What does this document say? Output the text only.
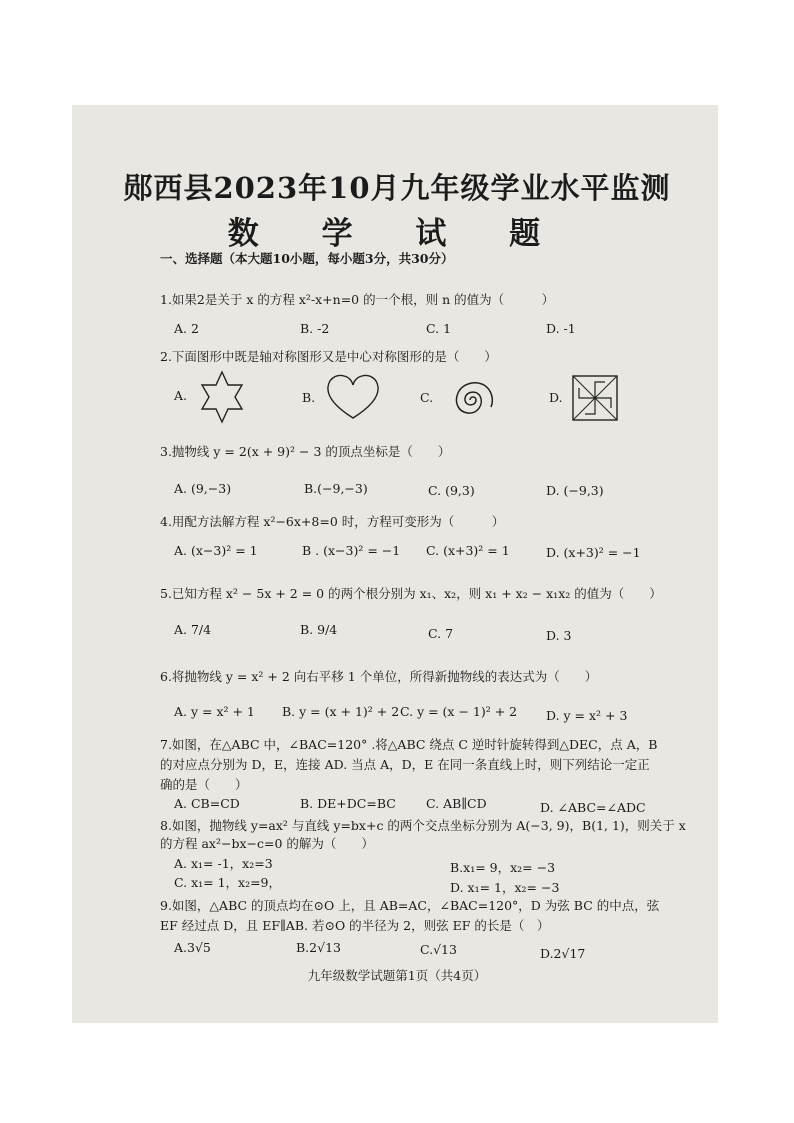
郧西县2023年10月九年级学业水平监测
数 学 试 题
一、选择题（本大题10小题，每小题3分，共30分）
1.如果2是关于 x 的方程 x²-x+n=0 的一个根，则 n 的值为（　　　）
A. 2	B. -2	C. 1	D. -1
2.下面图形中既是轴对称图形又是中心对称图形的是（　　）
A.	B.	C.	D.
3.抛物线 y = 2(x + 9)² − 3 的顶点坐标是（　　）
A. (9,−3)	B.(−9,−3)	C. (9,3)	D. (−9,3)
4.用配方法解方程 x²−6x+8=0 时，方程可变形为（　　　）
A. (x−3)² = 1	B . (x−3)² = −1 C. (x+3)² = 1	D. (x+3)² = −1
5.已知方程 x² − 5x + 2 = 0 的两个根分别为 x₁、x₂，则 x₁ + x₂ − x₁x₂ 的值为（　　）
A. 7/4	B. 9/4	C. 7	D. 3
6.将抛物线 y = x² + 2 向右平移 1 个单位，所得新抛物线的表达式为（　　）
A. y = x² + 1 B. y = (x + 1)² + 2 C. y = (x − 1)² + 2 D. y = x² + 3
7.如图，在△ABC 中，∠BAC=120° .将△ABC 绕点 C 逆时针旋转得到△DEC，点 A，B
的对应点分别为 D，E，连接 AD. 当点 A，D，E 在同一条直线上时，则下列结论一定正
确的是（　　）
A. CB=CD	B. DE+DC=BC C. AB∥CD	D. ∠ABC=∠ADC
8.如图，抛物线 y=ax² 与直线 y=bx+c 的两个交点坐标分别为 A(−3, 9)，B(1, 1)，则关于 x
的方程 ax²−bx−c=0 的解为（　　）
A. x₁= -1，x₂=3	B.x₁= 9，x₂= −3
C. x₁= 1，x₂=9，	D. x₁= 1，x₂= −3
9.如图，△ABC 的顶点均在⊙O 上，且 AB=AC，∠BAC=120°，D 为弦 BC 的中点，弦
EF 经过点 D，且 EF∥AB. 若⊙O 的半径为 2，则弦 EF 的长是（　）
A.3√5	B.2√13	C.√13	D.2√17
九年级数学试题第1页（共4页）
